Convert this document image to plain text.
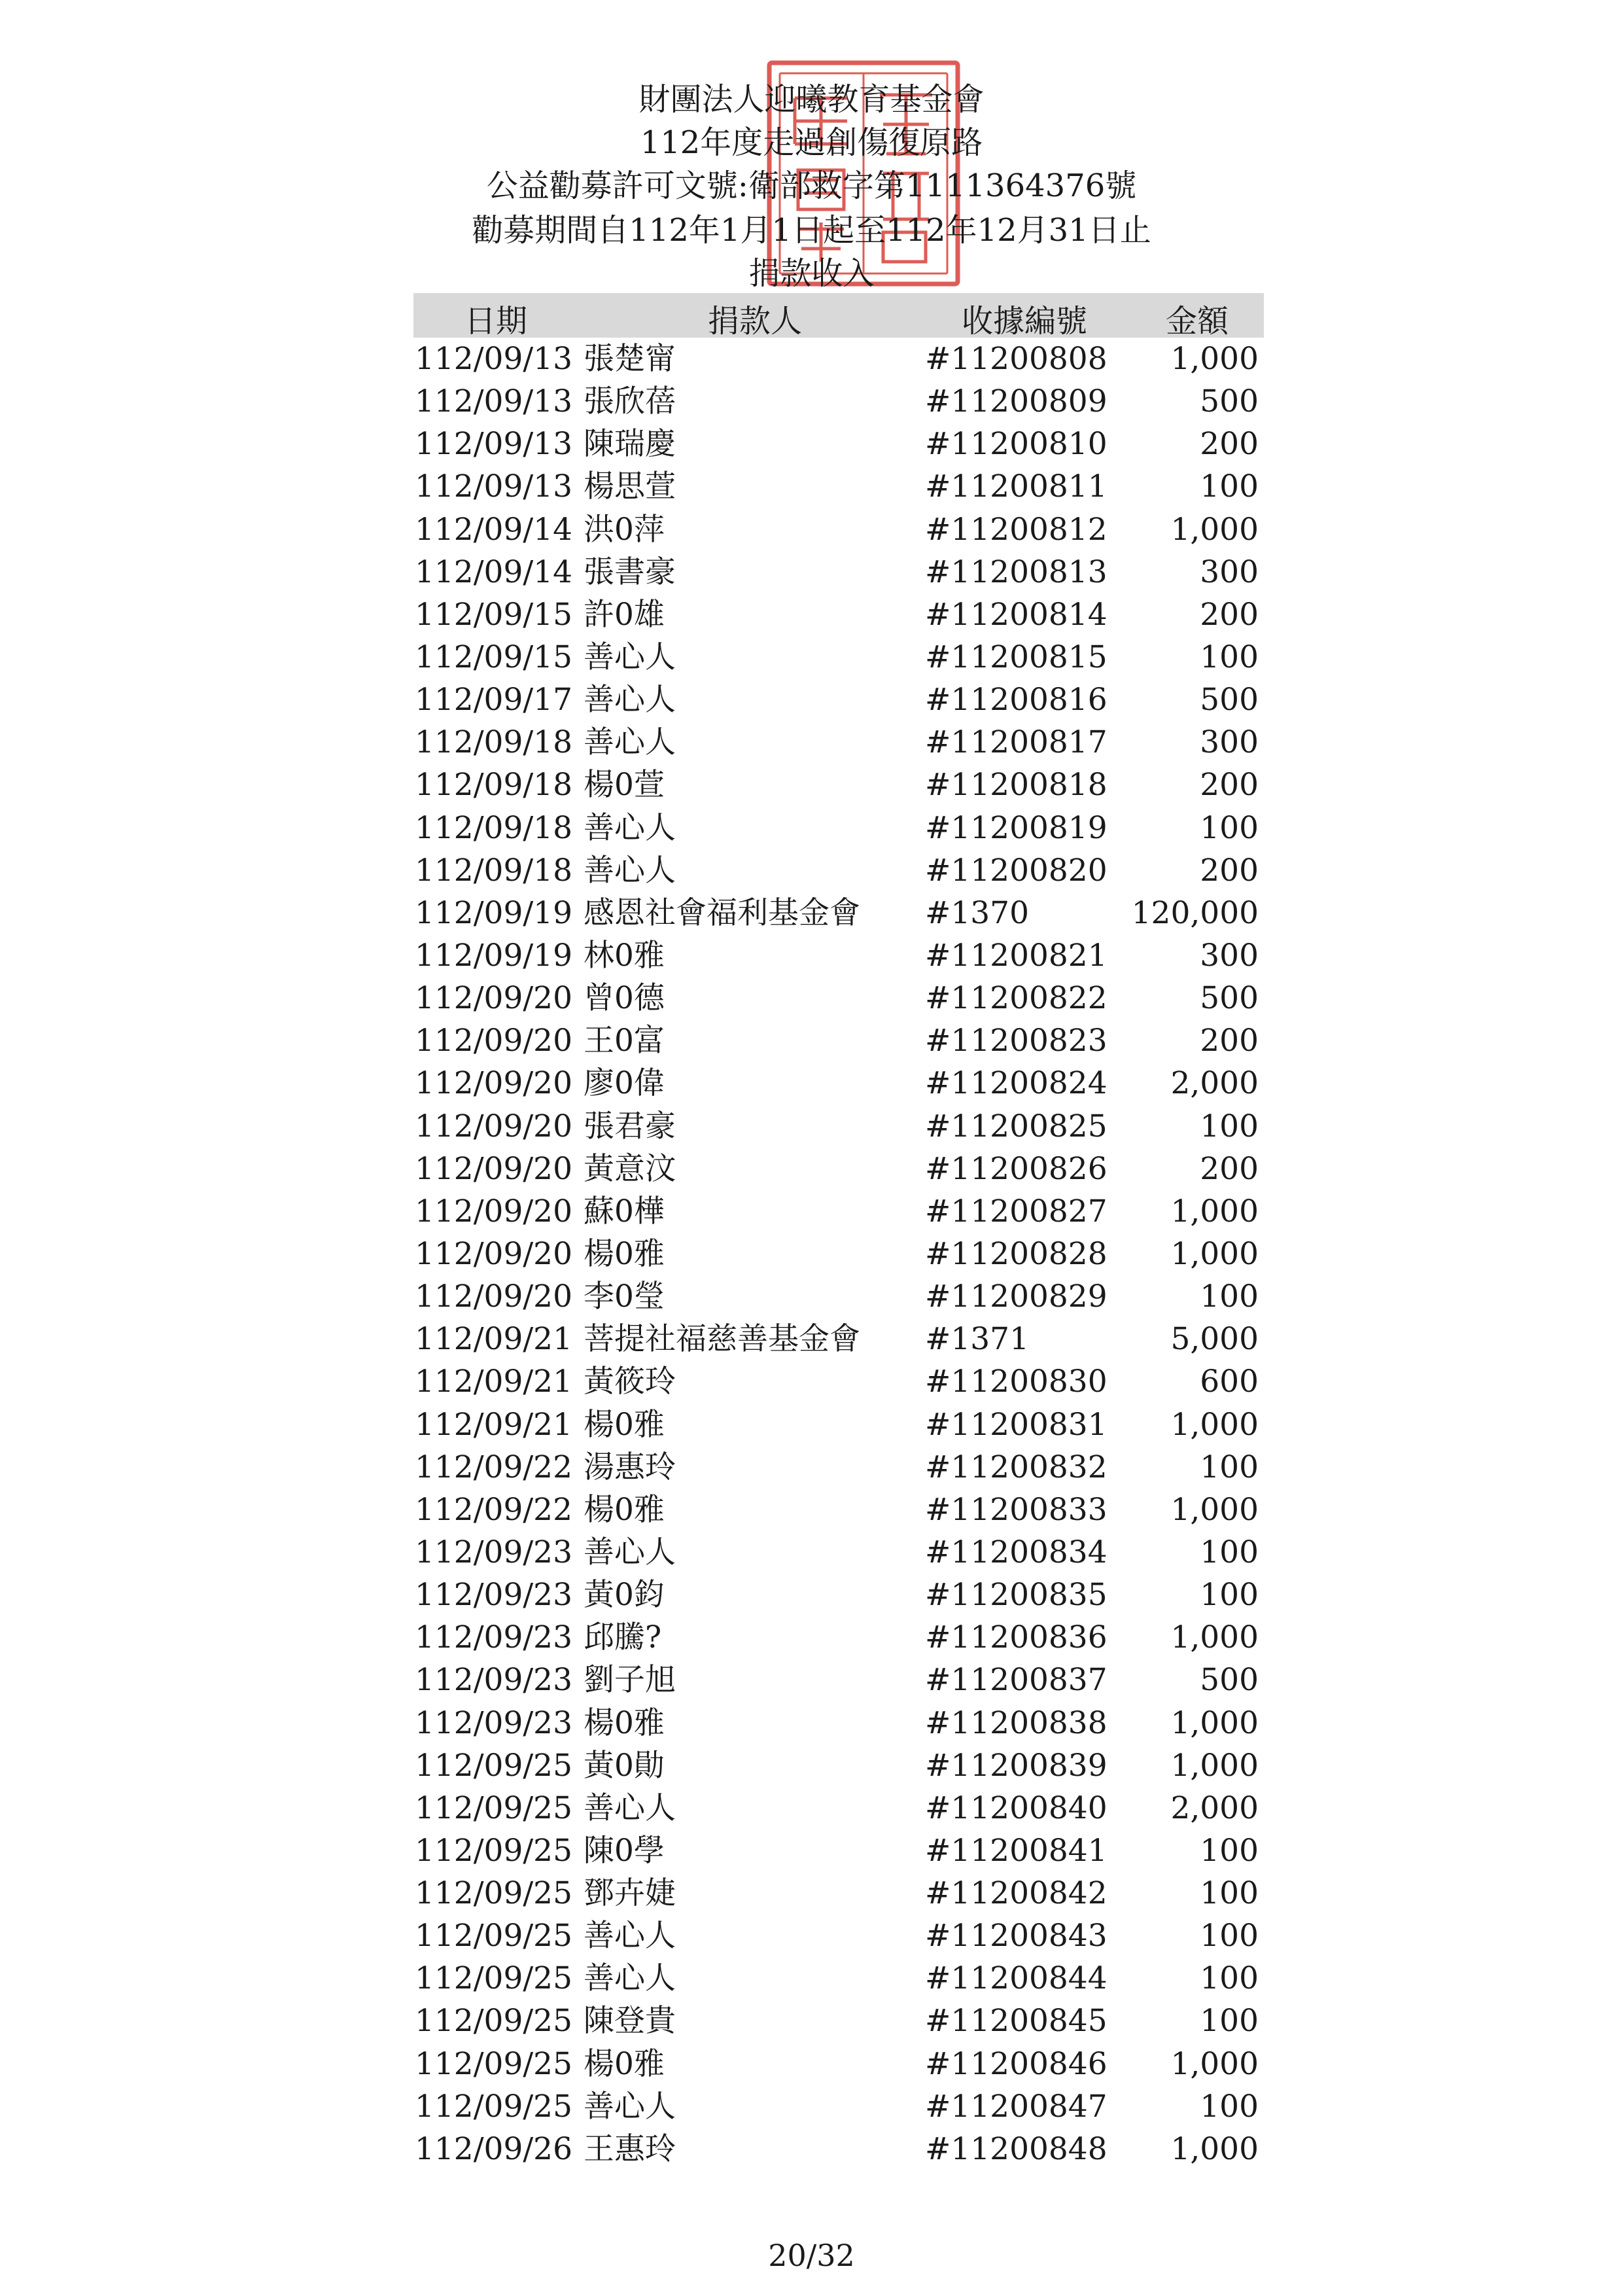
財團法人迎曦教育基金會
112年度走過創傷復原路
公益勸募許可文號:衛部救字第1111364376號
勸募期間自112年1月1日起至112年12月31日止
捐款收入
日期	捐款人	收據編號 金額
112/09/13 張楚甯	#11200808 1,000
112/09/13 張欣蓓	#11200809	500
112/09/13 陳瑞慶	#11200810	200
112/09/13 楊思萱	#11200811	100
112/09/14 洪0萍	#11200812 1,000
112/09/14 張書豪	#11200813	300
112/09/15 許0雄	#11200814	200
112/09/15 善心人	#11200815	100
112/09/17 善心人	#11200816	500
112/09/18 善心人	#11200817	300
112/09/18 楊0萱	#11200818	200
112/09/18 善心人	#11200819	100
112/09/18 善心人	#11200820	200
112/09/19 感恩社會福利基金會 #1370	120,000
112/09/19 林0雅	#11200821	300
112/09/20 曾0德	#11200822	500
112/09/20 王0富	#11200823	200
112/09/20 廖0偉	#11200824 2,000
112/09/20 張君豪	#11200825	100
112/09/20 黃意汶	#11200826	200
112/09/20 蘇0樺	#11200827 1,000
112/09/20 楊0雅	#11200828 1,000
112/09/20 李0瑩	#11200829	100
112/09/21 菩提社福慈善基金會 #1371	5,000
112/09/21 黃筱玲	#11200830	600
112/09/21 楊0雅	#11200831 1,000
112/09/22 湯惠玲	#11200832	100
112/09/22 楊0雅	#11200833 1,000
112/09/23 善心人	#11200834	100
112/09/23 黃0鈞	#11200835	100
112/09/23 邱騰?	#11200836 1,000
112/09/23 劉子旭	#11200837	500
112/09/23 楊0雅	#11200838 1,000
112/09/25 黃0勛	#11200839 1,000
112/09/25 善心人	#11200840 2,000
112/09/25 陳0學	#11200841	100
112/09/25 鄧卉婕	#11200842	100
112/09/25 善心人	#11200843	100
112/09/25 善心人	#11200844	100
112/09/25 陳登貴	#11200845	100
112/09/25 楊0雅	#11200846 1,000
112/09/25 善心人	#11200847	100
112/09/26 王惠玲	#11200848 1,000
20/32
